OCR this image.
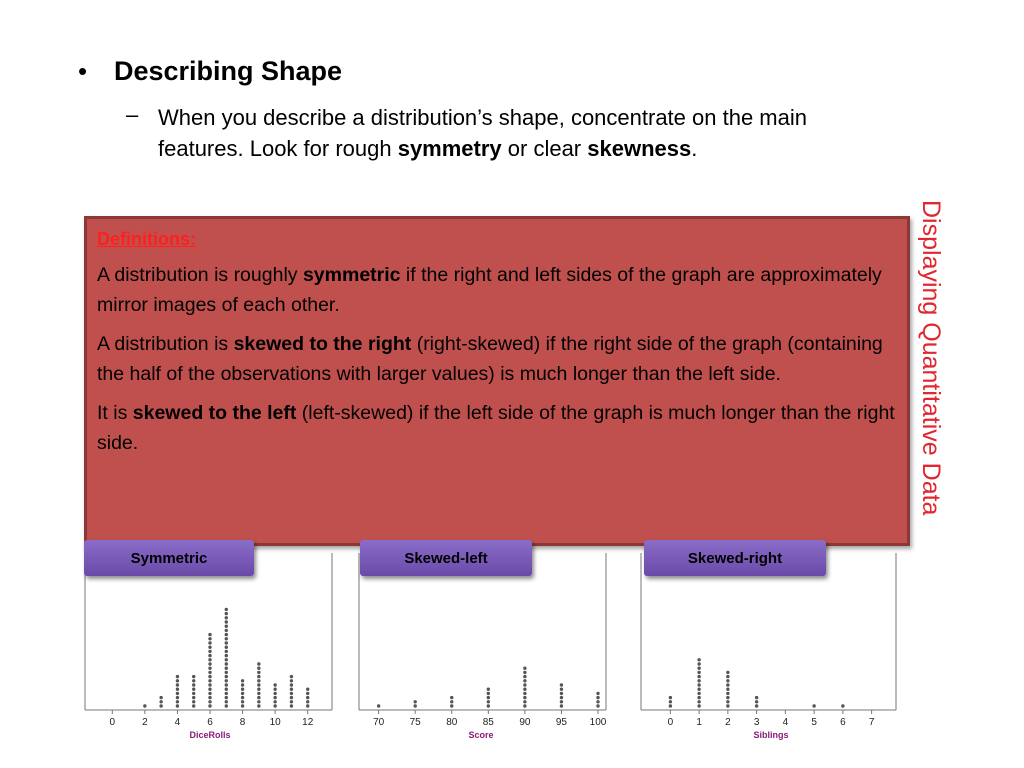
• Describing Shape
– When you describe a distribution’s shape, concentrate on the main features. Look for rough symmetry or clear skewness.
Displaying Quantitative Data
Definitions:

A distribution is roughly symmetric if the right and left sides of the graph are approximately mirror images of each other.

A distribution is skewed to the right (right-skewed) if the right side of the graph (containing the half of the observations with larger values) is much longer than the left side.

It is skewed to the left (left-skewed) if the left side of the graph is much longer than the right side.

0	2	4	6	8 10 12
DiceRolls
70	75	80	85	90	95 100
Score
0 1 2 3 4 5 6 7
Siblings
Symmetric	Skewed-left	Skewed-right
